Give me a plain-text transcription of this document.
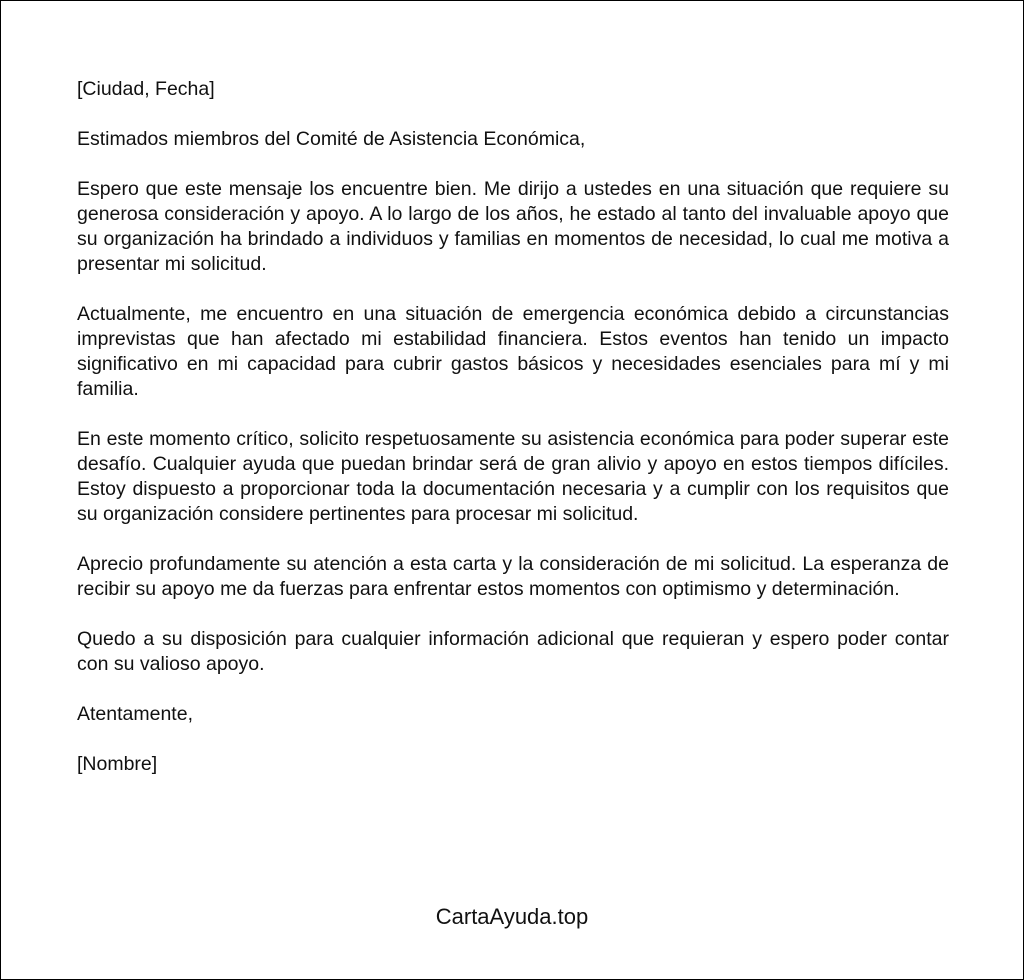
[Ciudad, Fecha]

Estimados miembros del Comité de Asistencia Económica,

Espero que este mensaje los encuentre bien. Me dirijo a ustedes en una situación que requiere su generosa consideración y apoyo. A lo largo de los años, he estado al tanto del invaluable apoyo que su organización ha brindado a individuos y familias en momentos de necesidad, lo cual me motiva a presentar mi solicitud.

Actualmente, me encuentro en una situación de emergencia económica debido a circunstancias imprevistas que han afectado mi estabilidad financiera. Estos eventos han tenido un impacto significativo en mi capacidad para cubrir gastos básicos y necesidades esenciales para mí y mi familia.

En este momento crítico, solicito respetuosamente su asistencia económica para poder superar este desafío. Cualquier ayuda que puedan brindar será de gran alivio y apoyo en estos tiempos difíciles. Estoy dispuesto a proporcionar toda la documentación necesaria y a cumplir con los requisitos que su organización considere pertinentes para procesar mi solicitud.

Aprecio profundamente su atención a esta carta y la consideración de mi solicitud. La esperanza de recibir su apoyo me da fuerzas para enfrentar estos momentos con optimismo y determinación.

Quedo a su disposición para cualquier información adicional que requieran y espero poder contar con su valioso apoyo.

Atentamente,

[Nombre]

CartaAyuda.top
